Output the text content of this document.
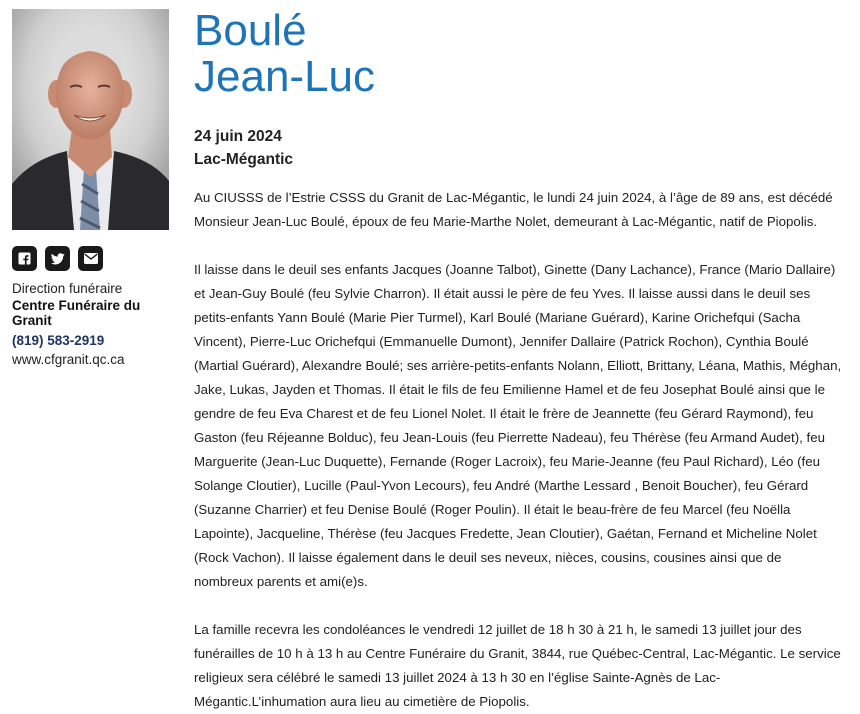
Direction funéraire
Centre Funéraire du Granit
(819) 583-2919
www.cfgranit.qc.ca
Boulé
Jean-Luc
24 juin 2024
Lac-Mégantic

Au CIUSSS de l’Estrie CSSS du Granit de Lac-Mégantic, le lundi 24 juin 2024, à l’âge de 89 ans, est décédé Monsieur Jean-Luc Boulé, époux de feu Marie-Marthe Nolet, demeurant à Lac-Mégantic, natif de Piopolis.

Il laisse dans le deuil ses enfants Jacques (Joanne Talbot), Ginette (Dany Lachance), France (Mario Dallaire) et Jean-Guy Boulé (feu Sylvie Charron). Il était aussi le père de feu Yves. Il laisse aussi dans le deuil ses petits-enfants Yann Boulé (Marie Pier Turmel), Karl Boulé (Mariane Guérard), Karine Orichefqui (Sacha Vincent), Pierre-Luc Orichefqui (Emmanuelle Dumont), Jennifer Dallaire (Patrick Rochon), Cynthia Boulé (Martial Guérard), Alexandre Boulé; ses arrière-petits-enfants Nolann, Elliott, Brittany, Léana, Mathis, Méghan, Jake, Lukas, Jayden et Thomas. Il était le fils de feu Emilienne Hamel et de feu Josephat Boulé ainsi que le gendre de feu Eva Charest et de feu Lionel Nolet. Il était le frère de Jeannette (feu Gérard Raymond), feu Gaston (feu Réjeanne Bolduc), feu Jean-Louis (feu Pierrette Nadeau), feu Thérèse (feu Armand Audet), feu Marguerite (Jean-Luc Duquette), Fernande (Roger Lacroix), feu Marie-Jeanne (feu Paul Richard), Léo (feu Solange Cloutier), Lucille (Paul-Yvon Lecours), feu André (Marthe Lessard , Benoit Boucher), feu Gérard (Suzanne Charrier) et feu Denise Boulé (Roger Poulin). Il était le beau-frère de feu Marcel (feu Noëlla Lapointe), Jacqueline, Thérèse (feu Jacques Fredette, Jean Cloutier), Gaétan, Fernand et Micheline Nolet (Rock Vachon). Il laisse également dans le deuil ses neveux, nièces, cousins, cousines ainsi que de nombreux parents et ami(e)s.

La famille recevra les condoléances le vendredi 12 juillet de 18 h 30 à 21 h, le samedi 13 juillet jour des funérailles de 10 h à 13 h au Centre Funéraire du Granit, 3844, rue Québec-Central, Lac-Mégantic. Le service religieux sera célébré le samedi 13 juillet 2024 à 13 h 30 en l’église Sainte-Agnès de Lac-Mégantic.L’inhumation aura lieu au cimetière de Piopolis.
